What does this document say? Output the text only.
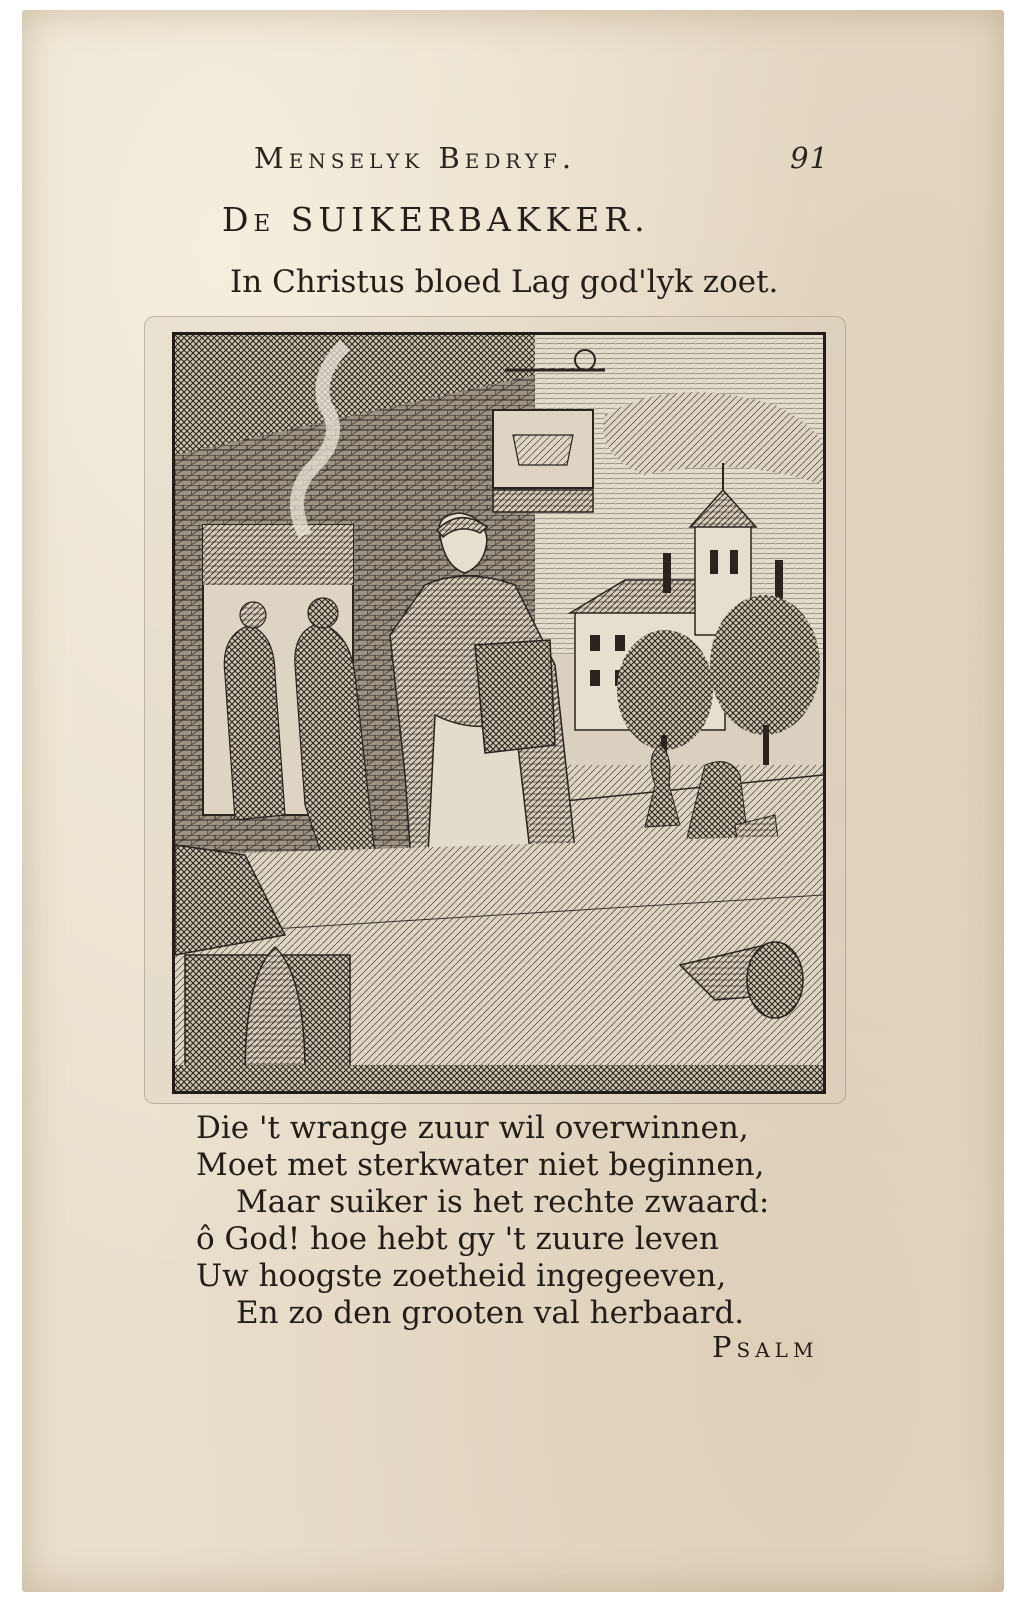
Menselyk Bedryf.	91
De SUIKERBAKKER.
In Christus bloed Lag god'lyk zoet.
Die 't wrange zuur wil overwinnen,
Moet met sterkwater niet beginnen,
Maar suiker is het rechte zwaard:
ô God! hoe hebt gy 't zuure leven
Uw hoogste zoetheid ingegeeven,
En zo den grooten val herbaard.
Psalm
